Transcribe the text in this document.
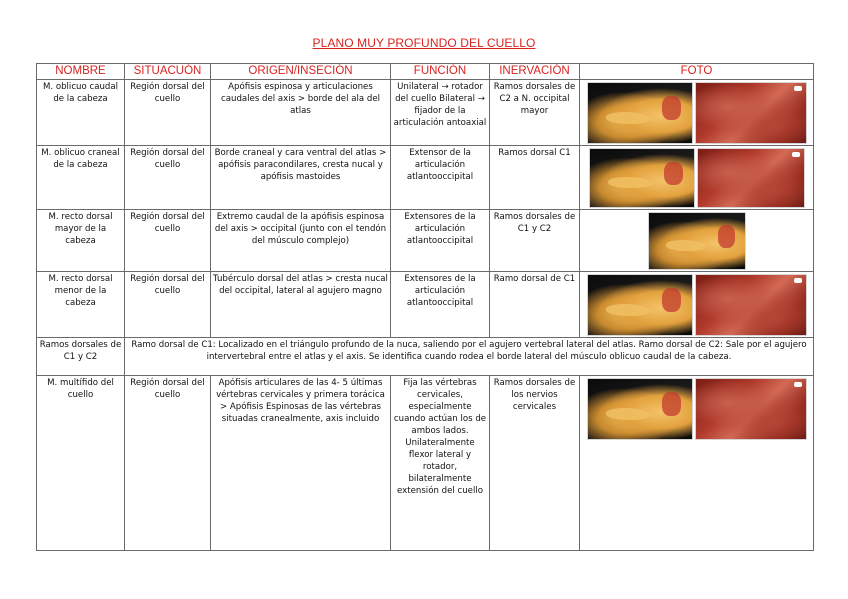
PLANO MUY PROFUNDO DEL CUELLO
NOMBRE	SITUACUÓN	ORIGEN/INSECIÓN	FUNCIÓN	INERVACIÓN	FOTO
M. oblicuo caudal de la cabeza	Región dorsal del cuello	Apófisis espinosa y articulaciones caudales del axis > borde del ala del atlas	Unilateral → rotador del cuello Bilateral → fijador de la articulación antoaxial	Ramos dorsales de C2 a N. occipital mayor	

M. oblicuo craneal de la cabeza	Región dorsal del cuello	Borde craneal y cara ventral del atlas > apófisis paracondilares, cresta nucal y apófisis mastoides	Extensor de la articulación atlantooccipital	Ramos dorsal C1	

M. recto dorsal mayor de la cabeza	Región dorsal del cuello	Extremo caudal de la apófisis espinosa del axis > occipital (junto con el tendón del músculo complejo)	Extensores de la articulación atlantooccipital	Ramos dorsales de C1 y C2	

M. recto dorsal menor de la cabeza	Región dorsal del cuello	Tubérculo dorsal del atlas > cresta nucal del occipital, lateral al agujero magno	Extensores de la articulación atlantooccipital	Ramo dorsal de C1	

Ramos dorsales de C1 y C2	Ramo dorsal de C1: Localizado en el triángulo profundo de la nuca, saliendo por el agujero vertebral lateral del atlas. Ramo dorsal de C2: Sale por el agujero intervertebral entre el atlas y el axis. Se identifica cuando rodea el borde lateral del músculo oblicuo caudal de la cabeza.				
M. multífido del cuello	Región dorsal del cuello	Apófisis articulares de las 4- 5 últimas vértebras cervicales y primera torácica > Apófisis Espinosas de las vértebras situadas cranealmente, axis incluido	Fija las vértebras cervicales, especialmente cuando actúan los de ambos lados. Unilateralmente flexor lateral y rotador, bilateralmente extensión del cuello	Ramos dorsales de los nervios cervicales	
